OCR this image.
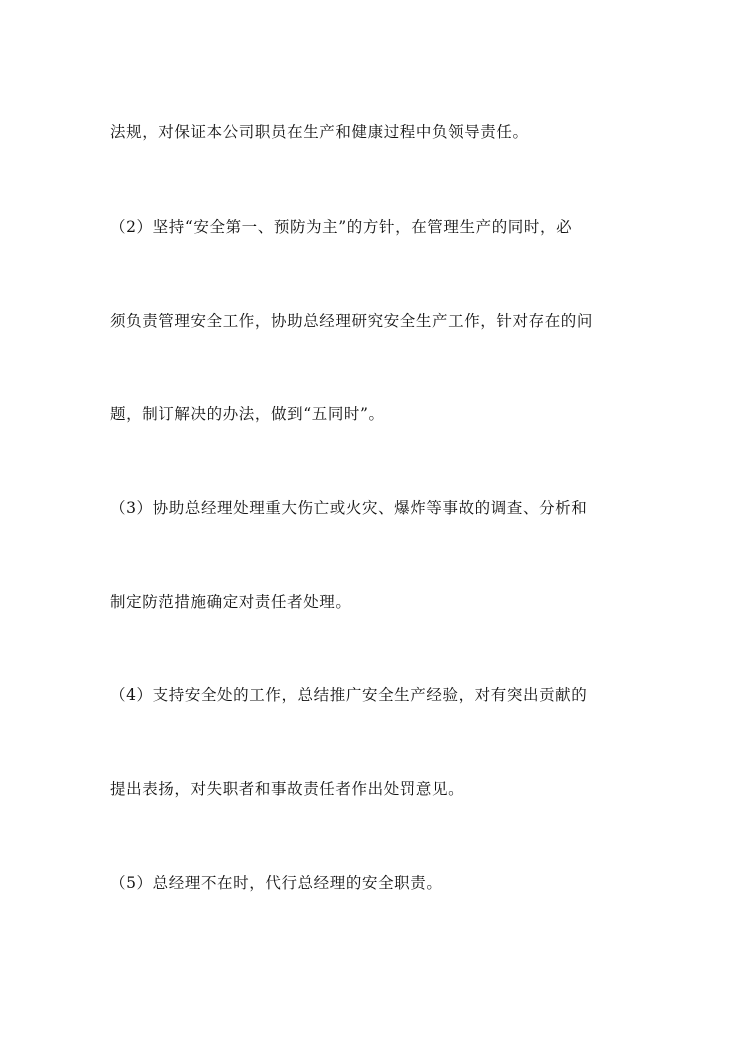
法规，对保证本公司职员在生产和健康过程中负领导责任。
（2）坚持“安全第一、预防为主”的方针，在管理生产的同时，必
须负责管理安全工作，协助总经理研究安全生产工作，针对存在的问
题，制订解决的办法，做到“五同时”。
（3）协助总经理处理重大伤亡或火灾、爆炸等事故的调查、分析和
制定防范措施确定对责任者处理。
（4）支持安全处的工作，总结推广安全生产经验，对有突出贡献的
提出表扬，对失职者和事故责任者作出处罚意见。
（5）总经理不在时，代行总经理的安全职责。
